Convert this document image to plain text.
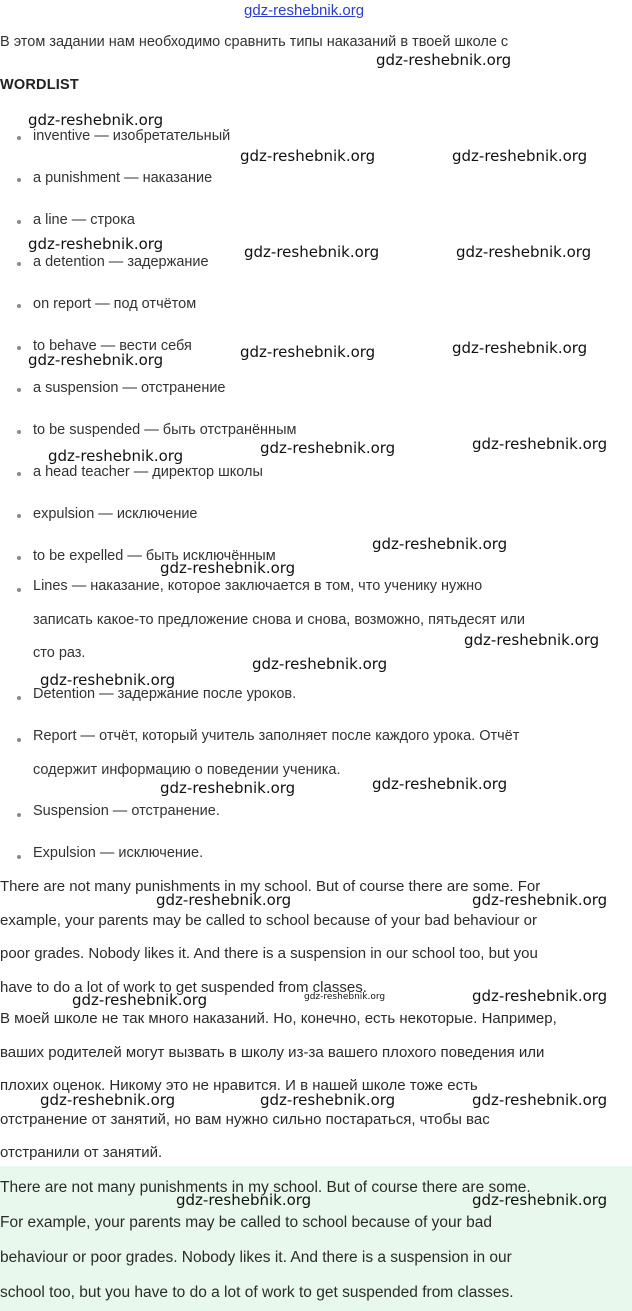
gdz-reshebnik.org
В этом задании нам необходимо сравнить типы наказаний в твоей школе с
WORDLIST
inventive — изобретательный
a punishment — наказание
a line — строка
a detention — задержание
on report — под отчётом
to behave — вести себя
a suspension — отстранение
to be suspended — быть отстранённым
a head teacher — директор школы
expulsion — исключение
to be expelled — быть исключённым
Lines — наказание, которое заключается в том, что ученику нужно
записать какое-то предложение снова и снова, возможно, пятьдесят или
сто раз.
Detention — задержание после уроков.
Report — отчёт, который учитель заполняет после каждого урока. Отчёт
содержит информацию о поведении ученика.
Suspension — отстранение.
Expulsion — исключение.
There are not many punishments in my school. But of course there are some. For
example, your parents may be called to school because of your bad behaviour or
poor grades. Nobody likes it. And there is a suspension in our school too, but you
have to do a lot of work to get suspended from classes.
В моей школе не так много наказаний. Но, конечно, есть некоторые. Например,
ваших родителей могут вызвать в школу из-за вашего плохого поведения или
плохих оценок. Никому это не нравится. И в нашей школе тоже есть
отстранение от занятий, но вам нужно сильно постараться, чтобы вас
отстранили от занятий.
There are not many punishments in my school. But of course there are some.
For example, your parents may be called to school because of your bad
behaviour or poor grades. Nobody likes it. And there is a suspension in our
school too, but you have to do a lot of work to get suspended from classes.
gdz-reshebnik.org
gdz-reshebnik.org
gdz-reshebnik.org	gdz-reshebnik.org
gdz-reshebnik.org	gdz-reshebnik.org	gdz-reshebnik.org
gdz-reshebnik.org	gdz-reshebnik.org	gdz-reshebnik.org
gdz-reshebnik.org	gdz-reshebnik.org	gdz-reshebnik.org
gdz-reshebnik.org
gdz-reshebnik.org
gdz-reshebnik.org
gdz-reshebnik.org
gdz-reshebnik.org
gdz-reshebnik.org
gdz-reshebnik.org
gdz-reshebnik.org	gdz-reshebnik.org
gdz-reshebnik.org	gdz-reshebnik.org	gdz-reshebnik.org
gdz-reshebnik.org	gdz-reshebnik.org	gdz-reshebnik.org
gdz-reshebnik.org	gdz-reshebnik.org
